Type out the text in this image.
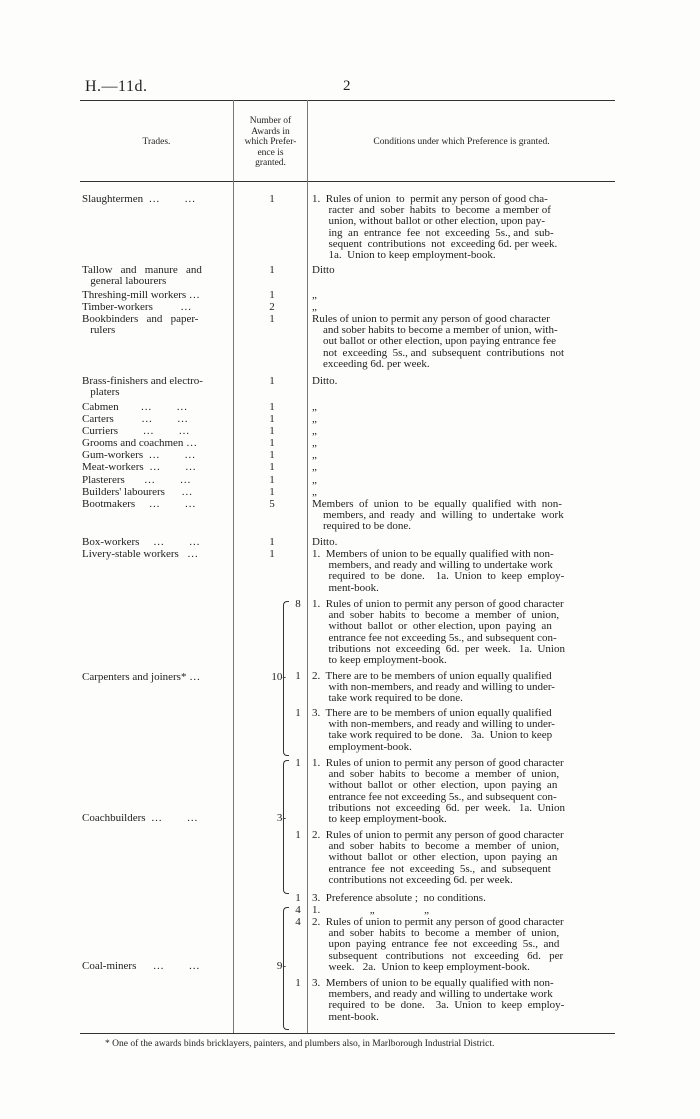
H.—11d.	2
Trades.
Number of
Awards in
which Prefer-
ence is
granted.
Conditions under which Preference is granted.
Slaughtermen  …         …	1	1.  Rules of union  to  permit any person of good cha-
racter  and  sober  habits  to  become  a member of
union, without ballot or other election, upon pay-
ing  an  entrance  fee  not  exceeding  5s., and  sub-
sequent  contributions  not  exceeding 6d. per week.
1a.  Union to keep employment-book.
Tallow   and   manure   and
general labourers
1	Ditto
Threshing-mill workers …	1	„
Timber-workers          …	2	„
Bookbinders   and   paper-
rulers
1	Rules of union to permit any person of good character
and sober habits to become a member of union, with-
out ballot or other election, upon paying entrance fee
not  exceeding  5s., and  subsequent  contributions  not
exceeding 6d. per week.
Brass-finishers and electro-
platers
1	Ditto.
Cabmen        …         …	1	„
Carters          …         …	1	„
Curriers         …         …	1	„
Grooms and coachmen …	1	„
Gum-workers  …         …	1	„
Meat-workers  …         …	1	„
Plasterers       …         …	1	„
Builders' labourers      …	1	„
Bootmakers     …         …	5	Members  of  union  to  be  equally  qualified  with  non-
members, and  ready  and  willing  to  undertake  work
required to be done.
Box-workers     …         …	1	Ditto.
Livery-stable workers   …	1	1.  Members of union to be equally qualified with non-
members, and ready and willing to undertake work
required  to  be  done.    1a.  Union  to  keep  employ-
ment-book.
Carpenters and joiners* …	10-
8	1.  Rules of union to permit any person of good character
and  sober  habits  to  become  a  member  of  union,
without  ballot  or  other election, upon  paying  an
entrance fee not exceeding 5s., and subsequent con-
tributions  not  exceeding  6d.  per  week.   1a.  Union
to keep employment-book.
1	2.  There are to be members of union equally qualified
with non-members, and ready and willing to under-
take work required to be done.
1	3.  There are to be members of union equally qualified
with non-members, and ready and willing to under-
take work required to be done.   3a.  Union to keep
employment-book.
Coachbuilders  …         …	3-
1	1.  Rules of union to permit any person of good character
and  sober  habits  to  become  a  member  of  union,
without  ballot  or  other  election,  upon  paying  an
entrance fee not exceeding 5s., and subsequent con-
tributions  not  exceeding  6d.  per  week.   1a.  Union
to keep employment-book.
1	2.  Rules of union to permit any person of good character
and  sober  habits  to  become  a  member  of  union,
without  ballot  or  other  election,  upon  paying  an
entrance  fee  not  exceeding  5s.,  and  subsequent
contributions not exceeding 6d. per week.
1	3.  Preference absolute ;  no conditions.
Coal-miners      …         …	9-
4	1.                  „                  „
4	2.  Rules of union to permit any person of good character
and  sober  habits  to  become  a  member  of  union,
upon  paying  entrance  fee  not  exceeding  5s.,  and
subsequent   contributions   not   exceeding   6d.   per
week.   2a.  Union to keep employment-book.
1	3.  Members of union to be equally qualified with non-
members, and ready and willing to undertake work
required  to  be  done.    3a.  Union  to  keep  employ-
ment-book.
* One of the awards binds bricklayers, painters, and plumbers also, in Marlborough Industrial District.
